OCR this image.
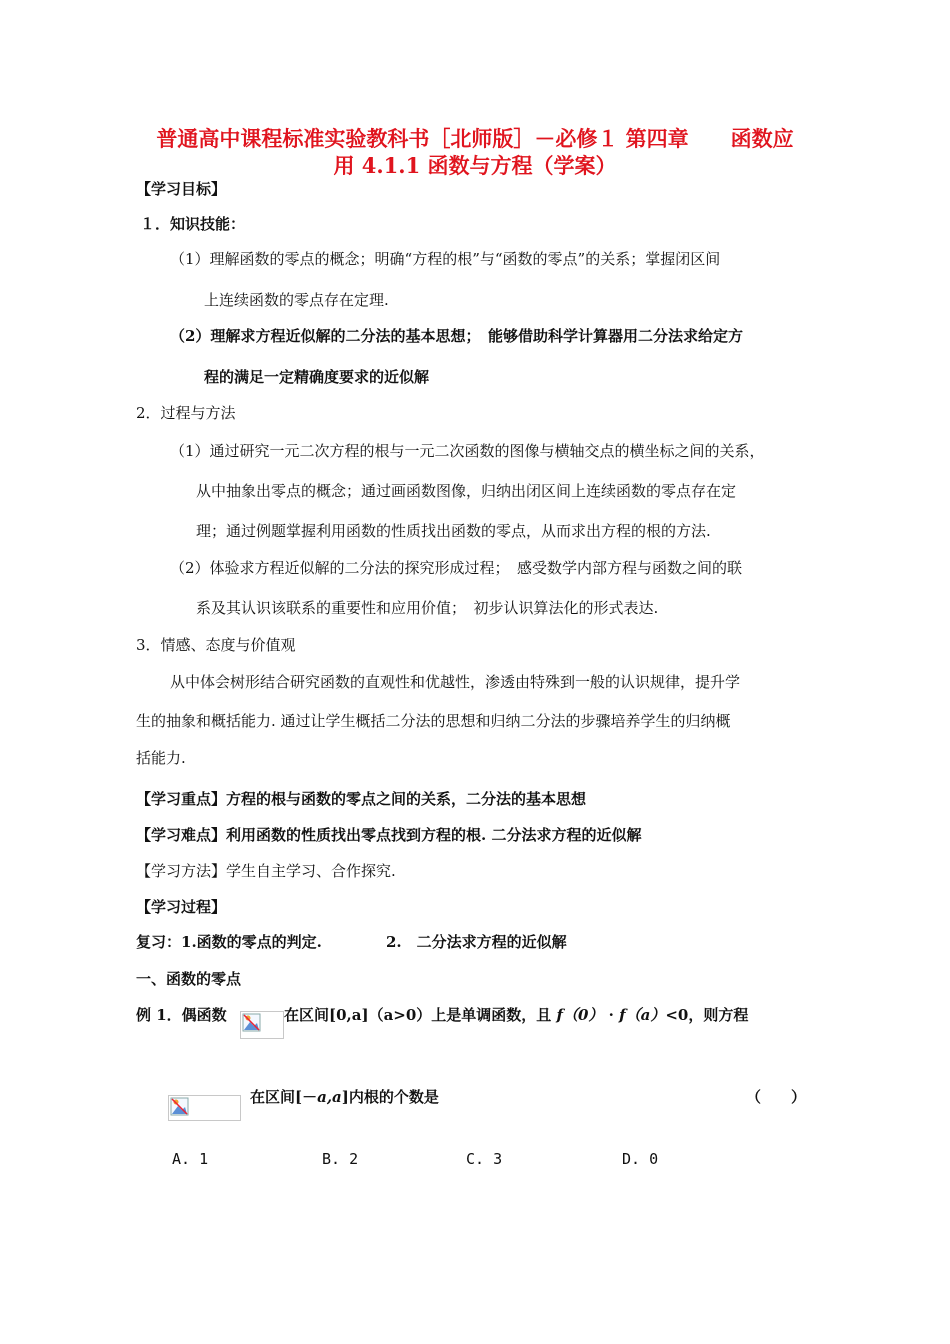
普通高中课程标准实验教科书［北师版］－必修１ 第四章　　函数应
用 4.1.1 函数与方程（学案）
【学习目标】
１．知识技能：
（1）理解函数的零点的概念；明确“方程的根”与“函数的零点”的关系；掌握闭区间
上连续函数的零点存在定理.
（2）理解求方程近似解的二分法的基本思想；　能够借助科学计算器用二分法求给定方
程的满足一定精确度要求的近似解
2．过程与方法
（1）通过研究一元二次方程的根与一元二次函数的图像与横轴交点的横坐标之间的关系，
从中抽象出零点的概念；通过画函数图像，归纳出闭区间上连续函数的零点存在定
理；通过例题掌握利用函数的性质找出函数的零点，从而求出方程的根的方法.
（2）体验求方程近似解的二分法的探究形成过程；　感受数学内部方程与函数之间的联
系及其认识该联系的重要性和应用价值；　初步认识算法化的形式表达.
3．情感、态度与价值观
从中体会树形结合研究函数的直观性和优越性，渗透由特殊到一般的认识规律，提升学
生的抽象和概括能力. 通过让学生概括二分法的思想和归纳二分法的步骤培养学生的归纳概
括能力.
【学习重点】方程的根与函数的零点之间的关系，二分法的基本思想
【学习难点】利用函数的性质找出零点找到方程的根. 二分法求方程的近似解
【学习方法】学生自主学习、合作探究.
【学习过程】
复习：1.函数的零点的判定.	2.　二分法求方程的近似解
一、函数的零点
例 1．偶函数	在区间[0,a]（a>0）上是单调函数，且 f（0） · f（a）<0，则方程
在区间[－a,a]内根的个数是	（　　）
A. 1	B. 2	C. 3	D. 0
